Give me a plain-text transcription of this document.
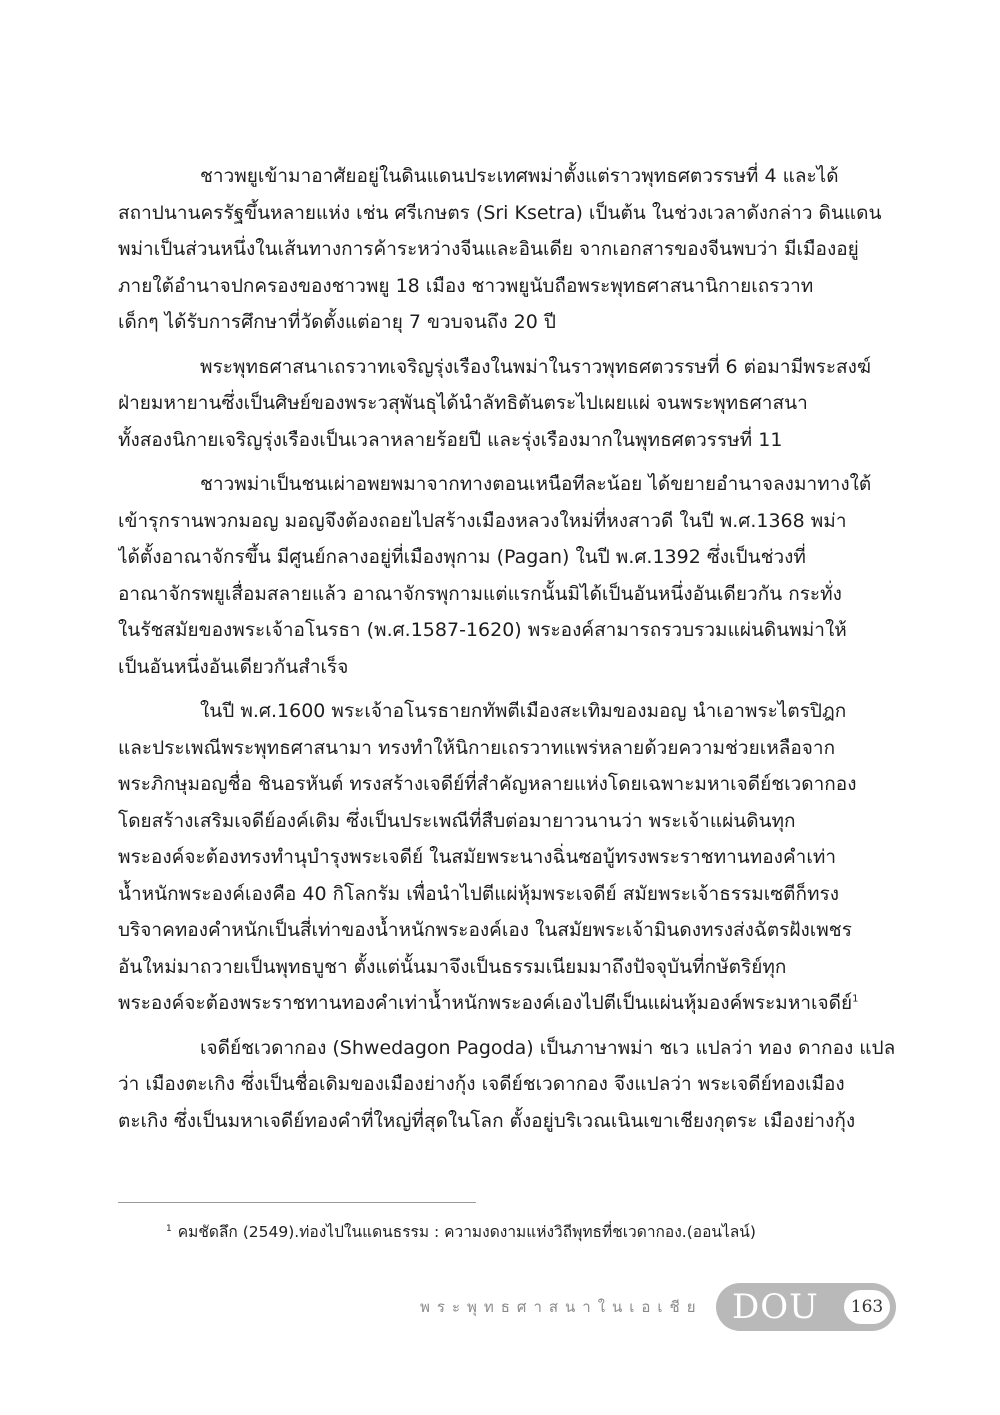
ชาวพยูเข้ามาอาศัยอยู่ในดินแดนประเทศพม่าตั้งแต่ราวพุทธศตวรรษที่ 4 และได้
สถาปนานครรัฐขึ้นหลายแห่ง เช่น ศรีเกษตร (Sri Ksetra) เป็นต้น ในช่วงเวลาดังกล่าว ดินแดน
พม่าเป็นส่วนหนึ่งในเส้นทางการค้าระหว่างจีนและอินเดีย จากเอกสารของจีนพบว่า มีเมืองอยู่
ภายใต้อำนาจปกครองของชาวพยู 18 เมือง ชาวพยูนับถือพระพุทธศาสนานิกายเถรวาท
เด็กๆ ได้รับการศึกษาที่วัดตั้งแต่อายุ 7 ขวบจนถึง 20 ปี

พระพุทธศาสนาเถรวาทเจริญรุ่งเรืองในพม่าในราวพุทธศตวรรษที่ 6 ต่อมามีพระสงฆ์
ฝ่ายมหายานซึ่งเป็นศิษย์ของพระวสุพันธุได้นำลัทธิตันตระไปเผยแผ่ จนพระพุทธศาสนา
ทั้งสองนิกายเจริญรุ่งเรืองเป็นเวลาหลายร้อยปี และรุ่งเรืองมากในพุทธศตวรรษที่ 11

ชาวพม่าเป็นชนเผ่าอพยพมาจากทางตอนเหนือทีละน้อย ได้ขยายอำนาจลงมาทางใต้
เข้ารุกรานพวกมอญ มอญจึงต้องถอยไปสร้างเมืองหลวงใหม่ที่หงสาวดี ในปี พ.ศ.1368 พม่า
ได้ตั้งอาณาจักรขึ้น มีศูนย์กลางอยู่ที่เมืองพุกาม (Pagan) ในปี พ.ศ.1392 ซึ่งเป็นช่วงที่
อาณาจักรพยูเสื่อมสลายแล้ว อาณาจักรพุกามแต่แรกนั้นมิได้เป็นอันหนึ่งอันเดียวกัน กระทั่ง
ในรัชสมัยของพระเจ้าอโนรธา (พ.ศ.1587-1620) พระองค์สามารถรวบรวมแผ่นดินพม่าให้
เป็นอันหนึ่งอันเดียวกันสำเร็จ

ในปี พ.ศ.1600 พระเจ้าอโนรธายกทัพตีเมืองสะเทิมของมอญ นำเอาพระไตรปิฎก
และประเพณีพระพุทธศาสนามา ทรงทำให้นิกายเถรวาทแพร่หลายด้วยความช่วยเหลือจาก
พระภิกษุมอญชื่อ ชินอรหันต์ ทรงสร้างเจดีย์ที่สำคัญหลายแห่งโดยเฉพาะมหาเจดีย์ชเวดากอง
โดยสร้างเสริมเจดีย์องค์เดิม ซึ่งเป็นประเพณีที่สืบต่อมายาวนานว่า พระเจ้าแผ่นดินทุก
พระองค์จะต้องทรงทำนุบำรุงพระเจดีย์ ในสมัยพระนางฉิ่นซอบู้ทรงพระราชทานทองคำเท่า
น้ำหนักพระองค์เองคือ 40 กิโลกรัม เพื่อนำไปตีแผ่หุ้มพระเจดีย์ สมัยพระเจ้าธรรมเซตีก็ทรง
บริจาคทองคำหนักเป็นสี่เท่าของน้ำหนักพระองค์เอง ในสมัยพระเจ้ามินดงทรงส่งฉัตรฝังเพชร
อันใหม่มาถวายเป็นพุทธบูชา ตั้งแต่นั้นมาจึงเป็นธรรมเนียมมาถึงปัจจุบันที่กษัตริย์ทุก
พระองค์จะต้องพระราชทานทองคำเท่าน้ำหนักพระองค์เองไปตีเป็นแผ่นหุ้มองค์พระมหาเจดีย์$^1$

เจดีย์ชเวดากอง (Shwedagon Pagoda) เป็นภาษาพม่า ชเว แปลว่า ทอง ดากอง แปล
ว่า เมืองตะเกิง ซึ่งเป็นชื่อเดิมของเมืองย่างกุ้ง เจดีย์ชเวดากอง จึงแปลว่า พระเจดีย์ทองเมือง
ตะเกิง ซึ่งเป็นมหาเจดีย์ทองคำที่ใหญ่ที่สุดในโลก ตั้งอยู่บริเวณเนินเขาเชียงกุตระ เมืองย่างกุ้ง

$^1$ คมชัดลึก (2549).ท่องไปในแดนธรรม : ความงดงามแห่งวิถีพุทธที่ชเวดากอง.(ออนไลน์)
พระพุทธศาสนาในเอเชีย DOU	163
